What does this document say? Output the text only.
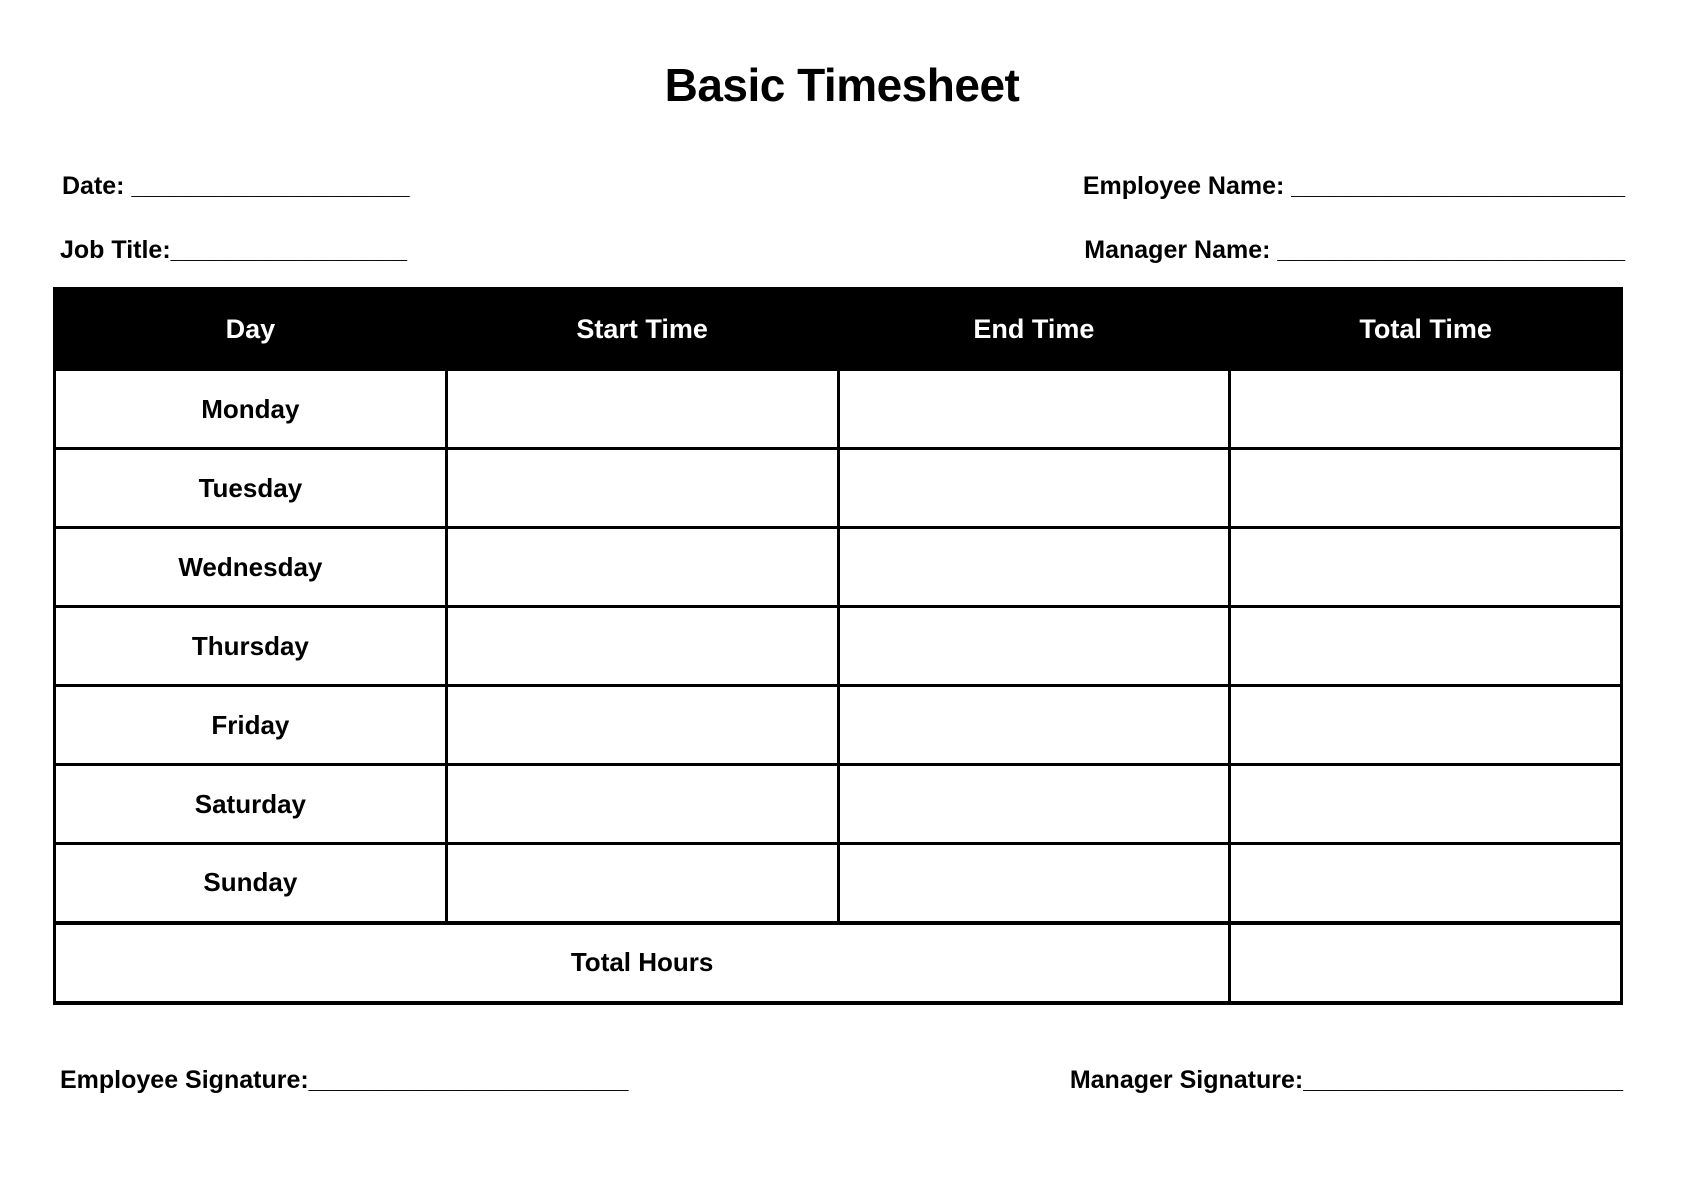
Basic Timesheet
Date: ____________________	Employee Name: ________________________
Job Title:_________________	Manager Name: _________________________
Day	Start Time	End Time	Total Time
Monday			
Tuesday			
Wednesday			
Thursday			
Friday			
Saturday			
Sunday			
Total Hours			
Employee Signature:_______________________	Manager Signature:_______________________
